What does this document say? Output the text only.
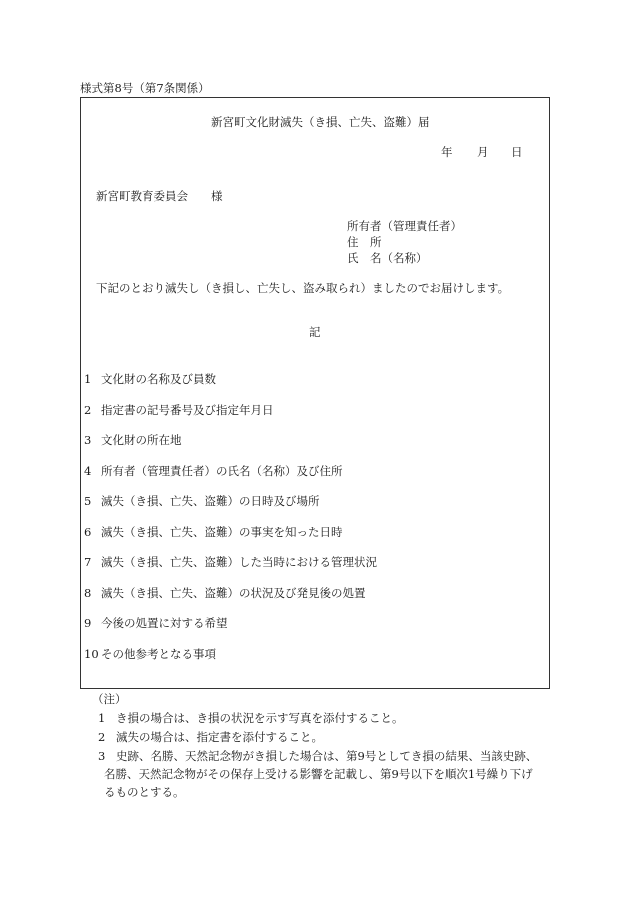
様式第8号（第7条関係）
新宮町文化財滅失（き損、亡失、盗難）届
年 月 日
新宮町教育委員会　　様
所有者（管理責任者）
住　所
氏　名（名称）
下記のとおり滅失し（き損し、亡失し、盗み取られ）ましたのでお届けします。
記
1 文化財の名称及び員数
2 指定書の記号番号及び指定年月日
3 文化財の所在地
4 所有者（管理責任者）の氏名（名称）及び住所
5 滅失（き損、亡失、盗難）の日時及び場所
6 滅失（き損、亡失、盗難）の事実を知った日時
7 滅失（き損、亡失、盗難）した当時における管理状況
8 滅失（き損、亡失、盗難）の状況及び発見後の処置
9 今後の処置に対する希望
10 その他参考となる事項
（注）
1 き損の場合は、き損の状況を示す写真を添付すること。
2 滅失の場合は、指定書を添付すること。
3 史跡、名勝、天然記念物がき損した場合は、第9号としてき損の結果、当該史跡、
名勝、天然記念物がその保存上受ける影響を記載し、第9号以下を順次1号繰り下げ
るものとする。
